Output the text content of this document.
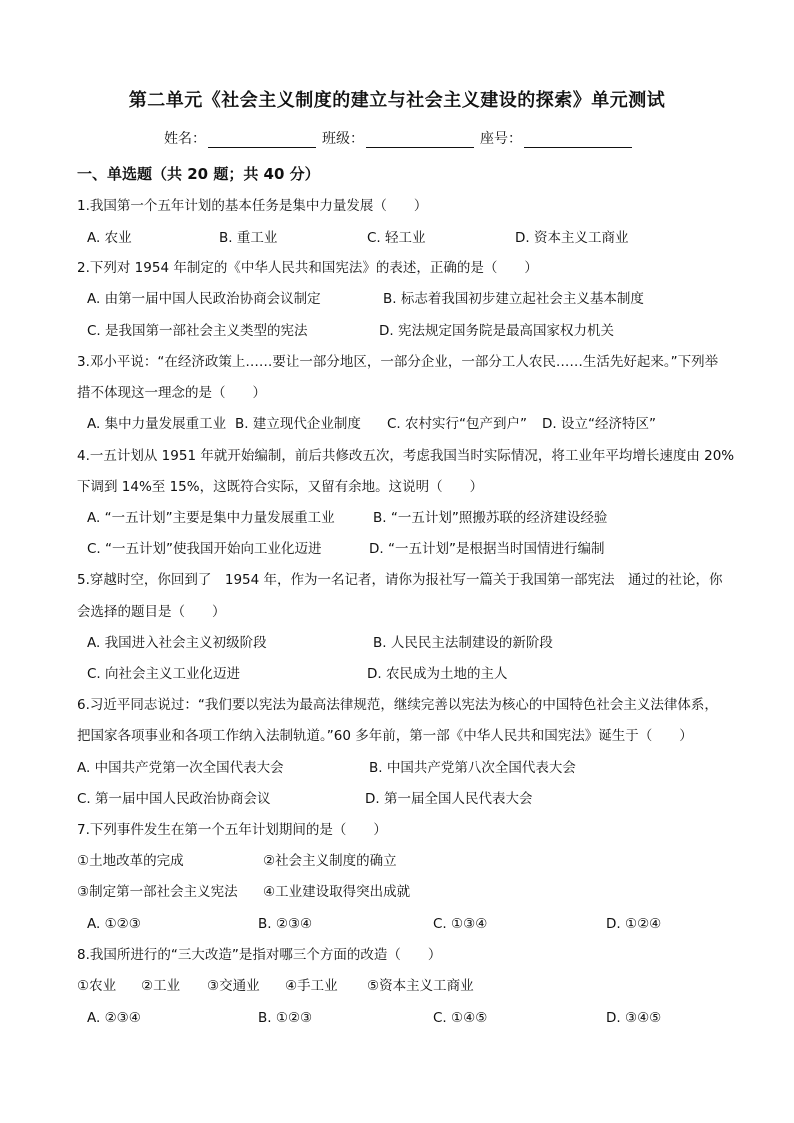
第二单元《社会主义制度的建立与社会主义建设的探索》单元测试
姓名：	班级：	座号：
一、单选题（共 20 题；共 40 分）
1.我国第一个五年计划的基本任务是集中力量发展（　　）
A. 农业	B. 重工业	C. 轻工业	D. 资本主义工商业
2.下列对 1954 年制定的《中华人民共和国宪法》的表述，正确的是（　　）
A. 由第一届中国人民政治协商会议制定	B. 标志着我国初步建立起社会主义基本制度
C. 是我国第一部社会主义类型的宪法	D. 宪法规定国务院是最高国家权力机关
3.邓小平说：“在经济政策上……要让一部分地区，一部分企业，一部分工人农民……生活先好起来。”下列举
措不体现这一理念的是（　　）
A. 集中力量发展重工业 B. 建立现代企业制度 C. 农村实行“包产到户” D. 设立“经济特区”
4.一五计划从 1951 年就开始编制，前后共修改五次，考虑我国当时实际情况，将工业年平均增长速度由 20%
下调到 14%至 15%，这既符合实际，又留有余地。这说明（　　）
A. “一五计划”主要是集中力量发展重工业	B. “一五计划”照搬苏联的经济建设经验
C. “一五计划”使我国开始向工业化迈进	D. “一五计划”是根据当时国情进行编制
5.穿越时空，你回到了　1954 年，作为一名记者，请你为报社写一篇关于我国第一部宪法　通过的社论，你
会选择的题目是（　　）
A. 我国进入社会主义初级阶段	B. 人民民主法制建设的新阶段
C. 向社会主义工业化迈进	D. 农民成为土地的主人
6.习近平同志说过：“我们要以宪法为最高法律规范，继续完善以宪法为核心的中国特色社会主义法律体系，
把国家各项事业和各项工作纳入法制轨道。”60 多年前，第一部《中华人民共和国宪法》诞生于（　　）
A. 中国共产党第一次全国代表大会	B. 中国共产党第八次全国代表大会
C. 第一届中国人民政治协商会议	D. 第一届全国人民代表大会
7.下列事件发生在第一个五年计划期间的是（　　）
①土地改革的完成	②社会主义制度的确立
③制定第一部社会主义宪法 ④工业建设取得突出成就
A. ①②③	B. ②③④	C. ①③④	D. ①②④
8.我国所进行的“三大改造”是指对哪三个方面的改造（　　）
①农业 ②工业 ③交通业 ④手工业 ⑤资本主义工商业
A. ②③④	B. ①②③	C. ①④⑤	D. ③④⑤
